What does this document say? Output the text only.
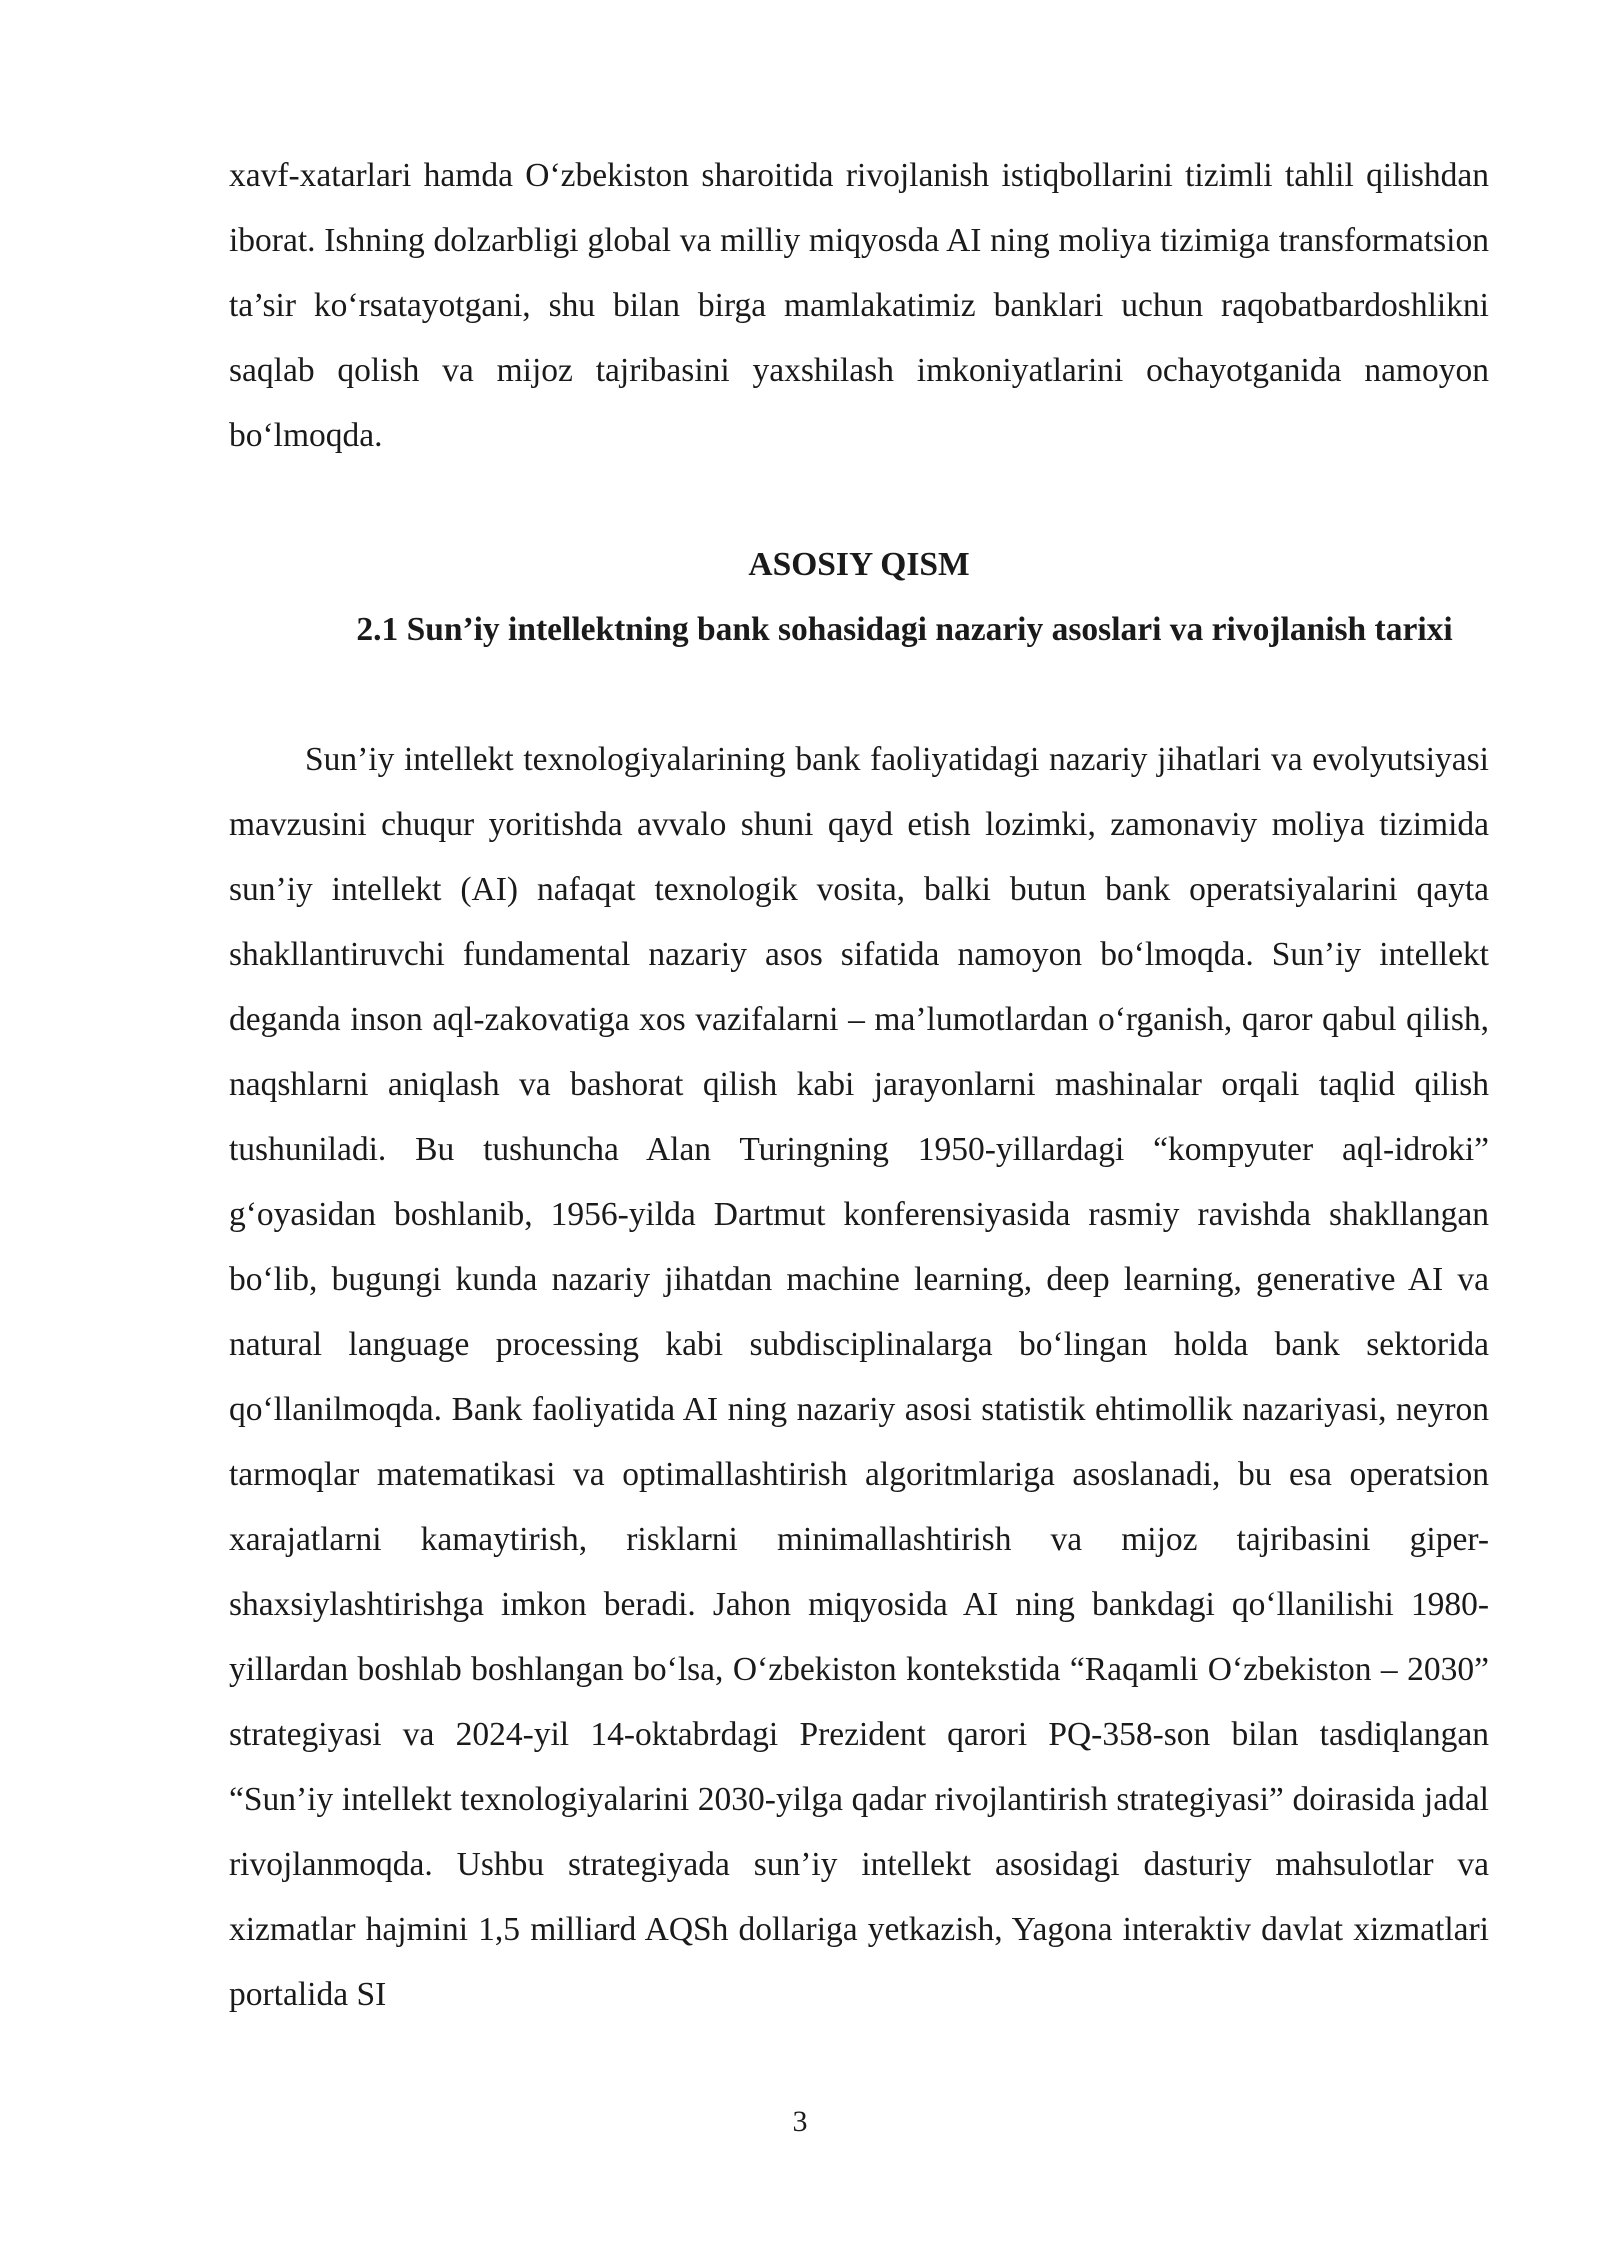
xavf-xatarlari hamda O‘zbekiston sharoitida rivojlanish istiqbollarini tizimli tahlil qilishdan iborat. Ishning dolzarbligi global va milliy miqyosda AI ning moliya tizimiga transformatsion ta’sir ko‘rsatayotgani, shu bilan birga mamlakatimiz banklari uchun raqobatbardoshlikni saqlab qolish va mijoz tajribasini yaxshilash imkoniyatlarini ochayotganida namoyon bo‘lmoqda.

ASOSIY QISM
2.1 Sun’iy intellektning bank sohasidagi nazariy asoslari va rivojlanish tarixi

Sun’iy intellekt texnologiyalarining bank faoliyatidagi nazariy jihatlari va evolyutsiyasi mavzusini chuqur yoritishda avvalo shuni qayd etish lozimki, zamonaviy moliya tizimida sun’iy intellekt (AI) nafaqat texnologik vosita, balki butun bank operatsiyalarini qayta shakllantiruvchi fundamental nazariy asos sifatida namoyon bo‘lmoqda. Sun’iy intellekt deganda inson aql-zakovatiga xos vazifalarni – ma’lumotlardan o‘rganish, qaror qabul qilish, naqshlarni aniqlash va bashorat qilish kabi jarayonlarni mashinalar orqali taqlid qilish tushuniladi. Bu tushuncha Alan Turingning 1950-yillardagi “kompyuter aql-idroki” g‘oyasidan boshlanib, 1956-yilda Dartmut konferensiyasida rasmiy ravishda shakllangan bo‘lib, bugungi kunda nazariy jihatdan machine learning, deep learning, generative AI va natural language processing kabi subdisciplinalarga bo‘lingan holda bank sektorida qo‘llanilmoqda. Bank faoliyatida AI ning nazariy asosi statistik ehtimollik nazariyasi, neyron tarmoqlar matematikasi va optimallashtirish algoritmlariga asoslanadi, bu esa operatsion xarajatlarni kamaytirish, risklarni minimallashtirish va mijoz tajribasini giper-shaxsiylashtirishga imkon beradi. Jahon miqyosida AI ning bankdagi qo‘llanilishi 1980-yillardan boshlab boshlangan bo‘lsa, O‘zbekiston kontekstida “Raqamli O‘zbekiston – 2030” strategiyasi va 2024-yil 14-oktabrdagi Prezident qarori PQ-358-son bilan tasdiqlangan “Sun’iy intellekt texnologiyalarini 2030-yilga qadar rivojlantirish strategiyasi” doirasida jadal rivojlanmoqda. Ushbu strategiyada sun’iy intellekt asosidagi dasturiy mahsulotlar va xizmatlar hajmini 1,5 milliard AQSh dollariga yetkazish, Yagona interaktiv davlat xizmatlari portalida SI

3
